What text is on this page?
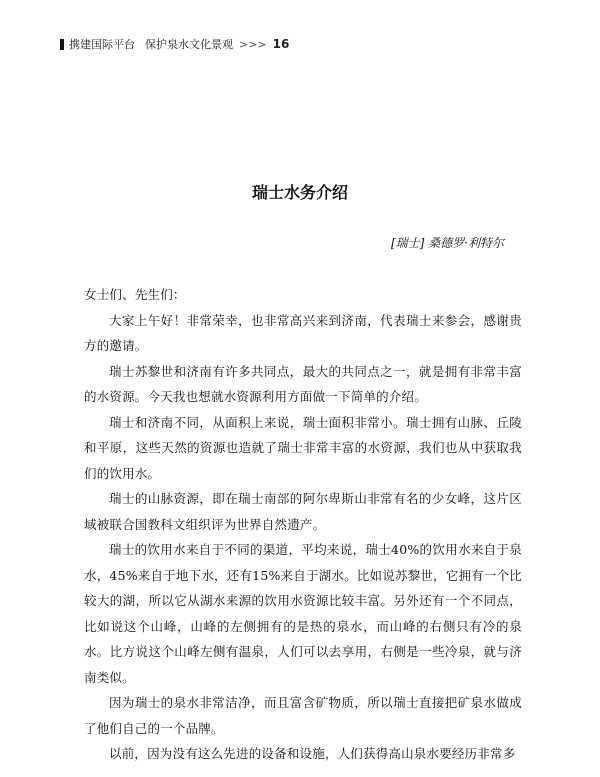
携建国际平台 保护泉水文化景观 >>> 16
瑞士水务介绍
[瑞士] 桑德罗·利特尔

女士们、先生们：

大家上午好！非常荣幸，也非常高兴来到济南，代表瑞士来参会，感谢贵方的邀请。

瑞士苏黎世和济南有许多共同点，最大的共同点之一，就是拥有非常丰富的水资源。今天我也想就水资源利用方面做一下简单的介绍。

瑞士和济南不同，从面积上来说，瑞士面积非常小。瑞士拥有山脉、丘陵和平原，这些天然的资源也造就了瑞士非常丰富的水资源，我们也从中获取我们的饮用水。

瑞士的山脉资源，即在瑞士南部的阿尔卑斯山非常有名的少女峰，这片区域被联合国教科文组织评为世界自然遗产。

瑞士的饮用水来自于不同的渠道，平均来说，瑞士40%的饮用水来自于泉水，45%来自于地下水，还有15%来自于湖水。比如说苏黎世，它拥有一个比较大的湖，所以它从湖水来源的饮用水资源比较丰富。另外还有一个不同点，比如说这个山峰，山峰的左侧拥有的是热的泉水，而山峰的右侧只有冷的泉水。比方说这个山峰左侧有温泉，人们可以去享用，右侧是一些冷泉，就与济南类似。

因为瑞士的泉水非常洁净，而且富含矿物质，所以瑞士直接把矿泉水做成了他们自己的一个品牌。

以前，因为没有这么先进的设备和设施，人们获得高山泉水要经历非常多
